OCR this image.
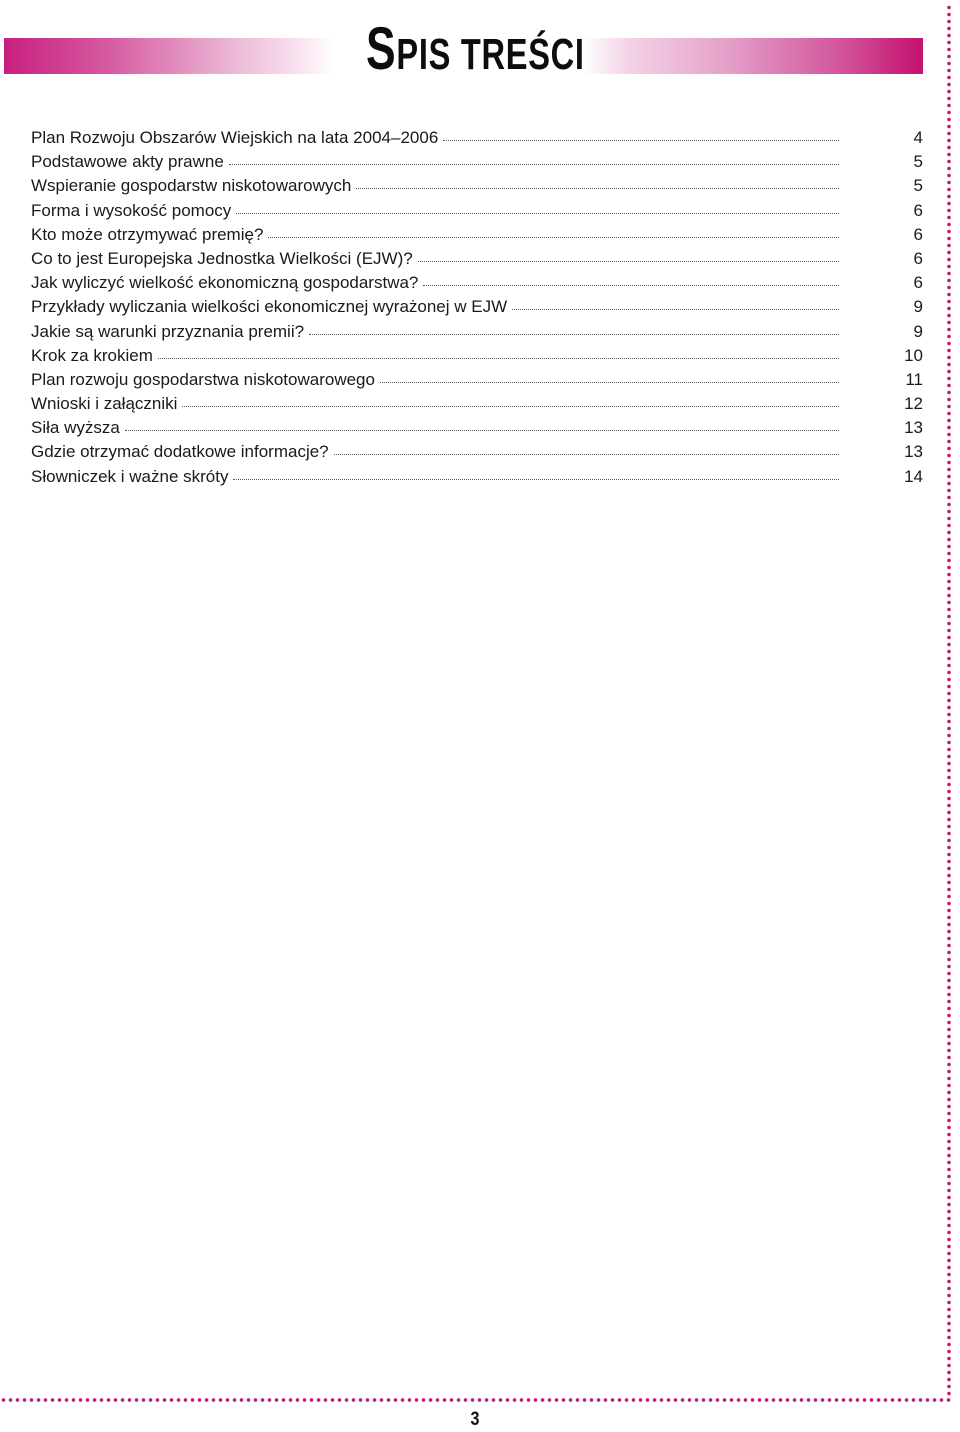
SPIS TREŚCI
Plan Rozwoju Obszarów Wiejskich na lata 2004–2006	4
Podstawowe akty prawne	5
Wspieranie gospodarstw niskotowarowych	5
Forma i wysokość pomocy	6
Kto może otrzymywać premię?	6
Co to jest Europejska Jednostka Wielkości (EJW)?	6
Jak wyliczyć wielkość ekonomiczną gospodarstwa?	6
Przykłady wyliczania wielkości ekonomicznej wyrażonej w EJW	9
Jakie są warunki przyznania premii?	9
Krok za krokiem	10
Plan rozwoju gospodarstwa niskotowarowego	11
Wnioski i załączniki	12
Siła wyższa	13
Gdzie otrzymać dodatkowe informacje?	13
Słowniczek i ważne skróty	14
3
